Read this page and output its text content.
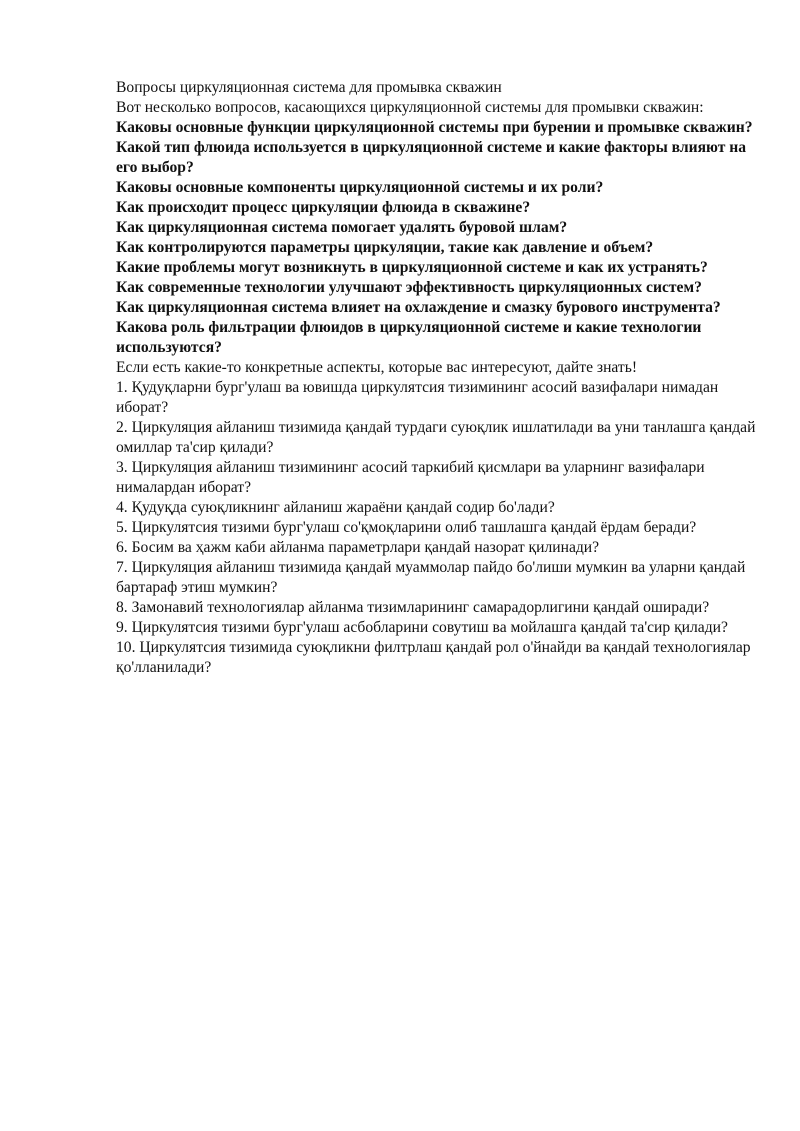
Вопросы циркуляционная система для промывка скважин

Вот несколько вопросов, касающихся циркуляционной системы для промывки скважин:

Каковы основные функции циркуляционной системы при бурении и промывке скважин?

Какой тип флюида используется в циркуляционной системе и какие факторы влияют на его выбор?

Каковы основные компоненты циркуляционной системы и их роли?

Как происходит процесс циркуляции флюида в скважине?

Как циркуляционная система помогает удалять буровой шлам?

Как контролируются параметры циркуляции, такие как давление и объем?

Какие проблемы могут возникнуть в циркуляционной системе и как их устранять?

Как современные технологии улучшают эффективность циркуляционных систем?

Как циркуляционная система влияет на охлаждение и смазку бурового инструмента?

Какова роль фильтрации флюидов в циркуляционной системе и какие технологии используются?

Если есть какие-то конкретные аспекты, которые вас интересуют, дайте знать!

1. Қудуқларни бург'улаш ва ювишда циркулятсия тизимининг асосий вазифалари нимадан иборат?

2. Циркуляция айланиш тизимида қандай турдаги суюқлик ишлатилади ва уни танлашга қандай омиллар та'сир қилади?

3. Циркуляция айланиш тизимининг асосий таркибий қисмлари ва уларнинг вазифалари нималардан иборат?

4. Қудуқда суюқликнинг айланиш жараёни қандай содир бо'лади?

5. Циркулятсия тизими бург'улаш со'қмоқларини олиб ташлашга қандай ёрдам беради?

6. Босим ва ҳажм каби айланма параметрлари қандай назорат қилинади?

7. Циркуляция айланиш тизимида қандай муаммолар пайдо бо'лиши мумкин ва уларни қандай бартараф этиш мумкин?

8. Замонавий технологиялар айланма тизимларининг самарадорлигини қандай оширади?

9. Циркулятсия тизими бург'улаш асбобларини совутиш ва мойлашга қандай та'сир қилади?

10. Циркулятсия тизимида суюқликни филтрлаш қандай рол о'йнайди ва қандай технологиялар қо'лланилади?
